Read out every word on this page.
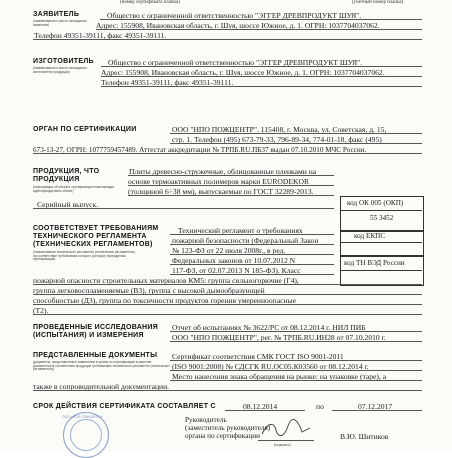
(номер сертификата бланка)	(учетный номер бланка)
ЗАЯВИТЕЛЬ
(наименование и место нахождения заявителя)
Общество с ограниченной ответственностью "ЭГГЕР ДРЕВПРОДУКТ ШУЯ".
Адрес: 155908, Ивановская область, г. Шуя, шоссе Южное, д. 1. ОГРН: 1037704037062.
Телефон 49351-39111, факс 49351-39111.
ИЗГОТОВИТЕЛЬ
(наименование и место нахождения изготовителя продукции)
Общество с ограниченной ответственностью "ЭГГЕР ДРЕВПРОДУКТ ШУЯ".
Адрес: 155908, Ивановская область, г. Шуя, шоссе Южное, д. 1. ОГРН: 1037704037062.
Телефон 49351-39111, факс 49351-39111.
ОРГАН ПО СЕРТИФИКАЦИИ	ООО "НПО ПОЖЦЕНТР". 115408, г. Москва, ул. Советская, д. 15,
стр. 1. Телефон (495) 673-79-33, 796-89-34, 774-01-18, факс (495)
673-13-27, ОГРН: 1077759457489. Аттестат аккредитации № ТРПБ.RU.ПБ37 выдан 07.10.2010 МЧС России.
ПРОДУКЦИЯ, ЧТО
ПРОДУКЦИЯ
(информация об объекте сертификации позволяющая идентифицировать объект)
Плиты древесно-стружечные, облицованные пленками на
основе термоактивных полимеров марки EURODEKOR
(толщиной 6÷38 мм), выпускаемые по ГОСТ 32289-2013.
Серийный выпуск.	код ОК 005 (ОКП)
55 3452
код ЕКПС
код ТН ВЭД России
СООТВЕТСТВУЕТ ТРЕБОВАНИЯМ
ТЕХНИЧЕСКОГО РЕГЛАМЕНТА
(ТЕХНИЧЕСКИХ РЕГЛАМЕНТОВ)
(наименование технического регламента (технических регламентов), на соответствие требованиям которого (которых) проводилась сертификация)
Технический регламент о требованиях
пожарной безопасности (Федеральный Закон
№ 123-ФЗ от 22 июля 2008г., в ред.
Федеральных законов от 10.07.2012 N
117-ФЗ, от 02.07.2013 N 185-ФЗ). Класс
пожарной опасности строительных материалов КМ5: группа сильногорючие (Г4),
группа легковоспламеняемые (В3), группа с высокой дымообразующей
способностью (Д3), группа по токсичности продуктов горения умеренноопасные
(Т2).
ПРОВЕДЕННЫЕ ИССЛЕДОВАНИЯ
(ИСПЫТАНИЯ) И ИЗМЕРЕНИЯ
Отчет об испытаниях № 3622/РС от 08.12.2014 г. НИЛ ПИБ
ООО "НПО ПОЖЦЕНТР", рег. № ТРПБ.RU.ИН28 от 07.10.2010 г.
ПРЕДСТАВЛЕННЫЕ ДОКУМЕНТЫ
(документы, представленные заявителем в органе по сертификации в качестве доказательств соответствия продукции требованиям технического регламента (технических регламентов))
Сертификат соответствия СМК ГОСТ ISO 9001-2011
(ISO 9001:2008) № СДСГК RU.ОС05.К03560 от 08.12.2014 г.
Место нанесения знака обращения на рынке: на упаковке (таре), а
также в сопроводительной документации.
СРОК ДЕЙСТВИЯ СЕРТИФИКАТА СОСТАВЛЯЕТ С	08.12.2014	по	07.12.2017
ООО «НПО ПОЖЦЕНТР»	Руководитель
(заместитель руководителя)
органа по сертификации
(подпись)
В.Ю. Шитиков
